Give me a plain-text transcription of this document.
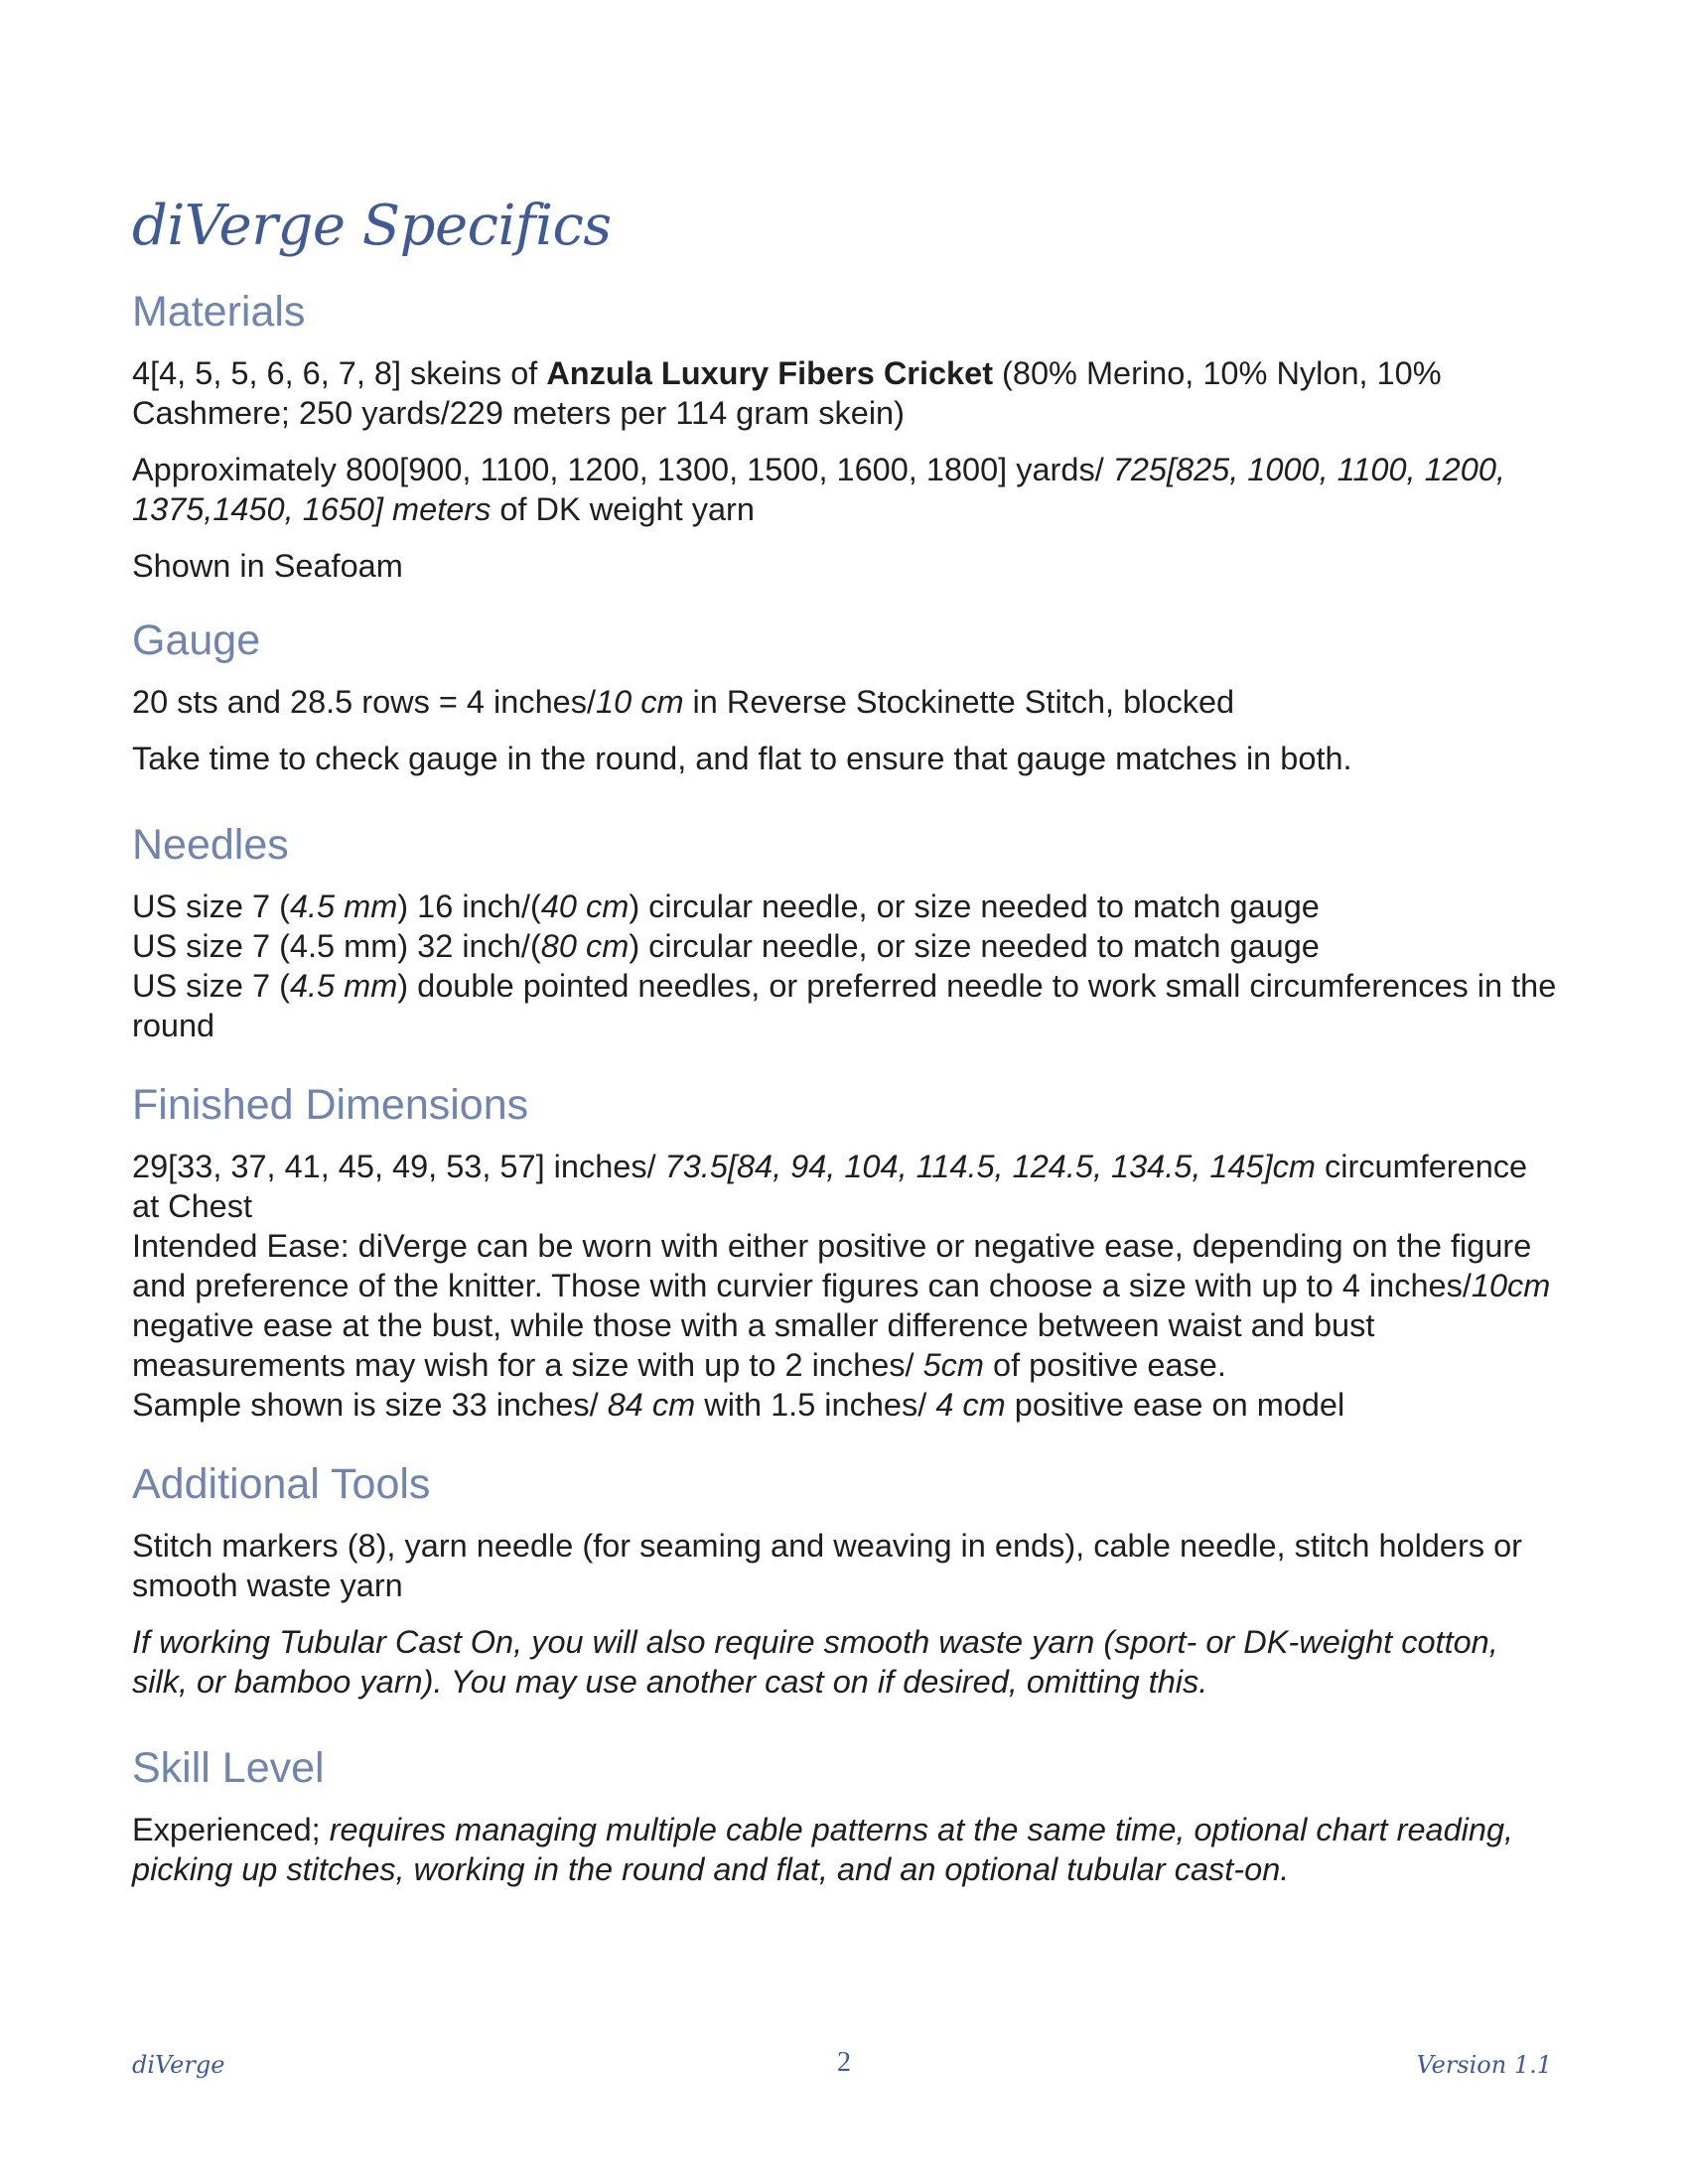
diVerge Specifics
Materials

4[4, 5, 5, 6, 6, 7, 8] skeins of Anzula Luxury Fibers Cricket (80% Merino, 10% Nylon, 10% Cashmere; 250 yards/229 meters per 114 gram skein)

Approximately 800[900, 1100, 1200, 1300, 1500, 1600, 1800] yards/ 725[825, 1000, 1100, 1200, 1375,1450, 1650] meters of DK weight yarn

Shown in Seafoam

Gauge

20 sts and 28.5 rows = 4 inches/10 cm in Reverse Stockinette Stitch, blocked

Take time to check gauge in the round, and flat to ensure that gauge matches in both.

Needles

US size 7 (4.5 mm) 16 inch/(40 cm) circular needle, or size needed to match gauge

US size 7 (4.5 mm) 32 inch/(80 cm) circular needle, or size needed to match gauge

US size 7 (4.5 mm) double pointed needles, or preferred needle to work small circumferences in the round

Finished Dimensions

29[33, 37, 41, 45, 49, 53, 57] inches/ 73.5[84, 94, 104, 114.5, 124.5, 134.5, 145]cm circumference at Chest

Intended Ease: diVerge can be worn with either positive or negative ease, depending on the figure and preference of the knitter. Those with curvier figures can choose a size with up to 4 inches/10cm negative ease at the bust, while those with a smaller difference between waist and bust measurements may wish for a size with up to 2 inches/ 5cm of positive ease.

Sample shown is size 33 inches/ 84 cm with 1.5 inches/ 4 cm positive ease on model

Additional Tools

Stitch markers (8), yarn needle (for seaming and weaving in ends), cable needle, stitch holders or smooth waste yarn

If working Tubular Cast On, you will also require smooth waste yarn (sport- or DK-weight cotton, silk, or bamboo yarn). You may use another cast on if desired, omitting this.

Skill Level

Experienced; requires managing multiple cable patterns at the same time, optional chart reading, picking up stitches, working in the round and flat, and an optional tubular cast-on.

diVerge	2	Version 1.1
